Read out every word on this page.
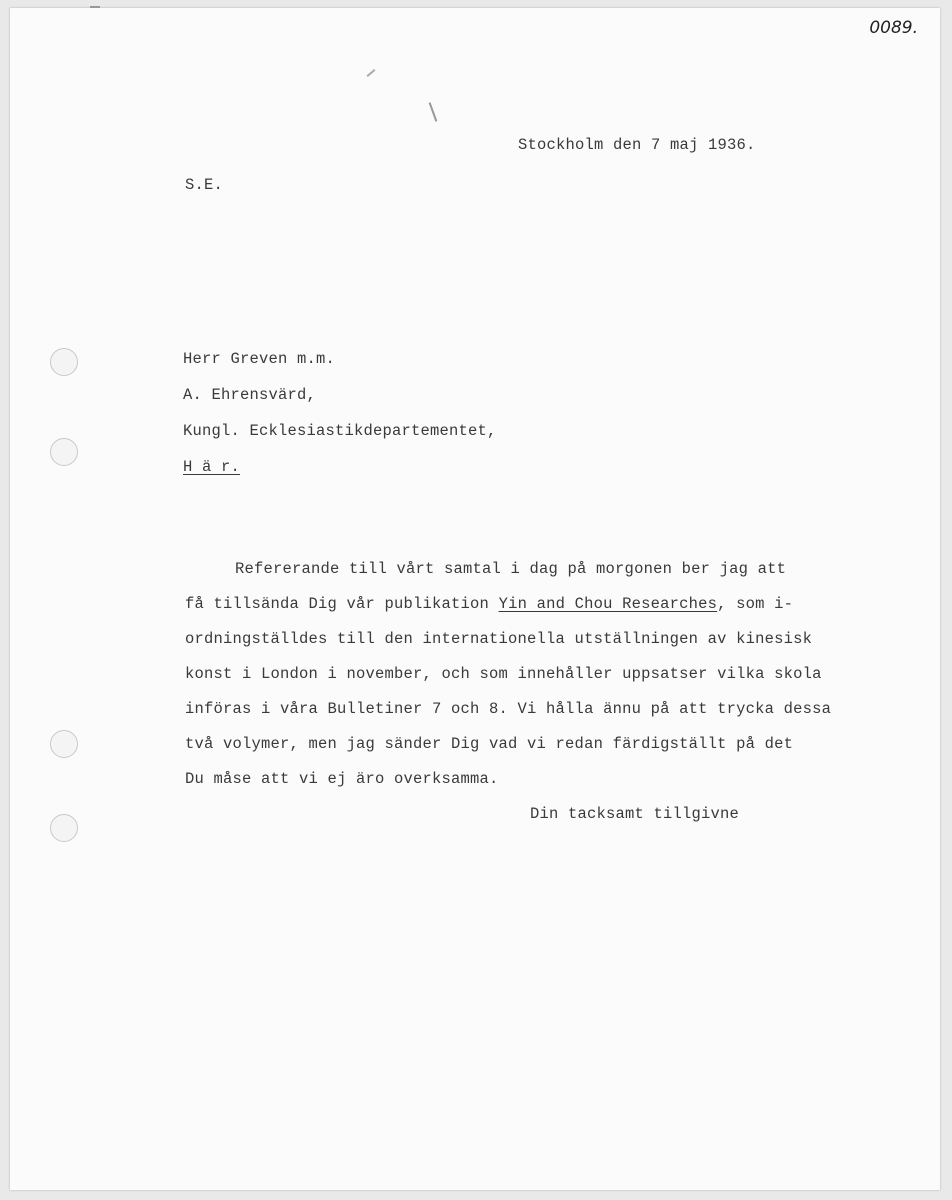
0089.
Stockholm den 7 maj 1936.
S.E.
Herr Greven m.m.
A. Ehrensvärd,
Kungl. Ecklesiastikdepartementet,
H ä r.
Refererande till vårt samtal i dag på morgonen ber jag att
få tillsända Dig vår publikation Yin and Chou Researches, som i-
ordningställdes till den internationella utställningen av kinesisk
konst i London i november, och som innehåller uppsatser vilka skola
införas i våra Bulletiner 7 och 8. Vi hålla ännu på att trycka dessa
två volymer, men jag sänder Dig vad vi redan färdigställt på det
Du måse att vi ej äro overksamma.
Din tacksamt tillgivne
